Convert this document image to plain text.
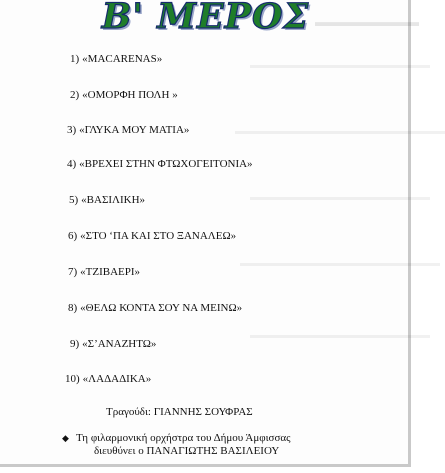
▬▬▬▬▬▬▬▬
▬▬▬▬▬▬▬▬▬▬▬▬▬▬▬▬▬▬
▬▬▬▬▬▬▬▬▬▬▬▬▬▬▬▬▬▬▬▬▬
▬▬▬▬▬▬▬▬▬▬▬▬▬▬▬▬▬▬
▬▬▬▬▬▬▬▬▬▬▬▬▬▬▬▬▬▬▬▬
▬▬▬▬▬▬▬▬▬▬▬▬▬▬▬▬▬▬
Β' ΜΕΡΟΣ
1) «MACARENAS»
2) «ΟΜΟΡΦΗ ΠΟΛΗ »
3) «ΓΛΥΚΑ ΜΟΥ ΜΑΤΙΑ»
4) «ΒΡΕΧΕΙ ΣΤΗΝ ΦΤΩΧΟΓΕΙΤΟΝΙΑ»
5) «ΒΑΣΙΛΙΚΗ»
6) «ΣΤΟ ‘ΠΑ ΚΑΙ ΣΤΟ ΞΑΝΑΛΕΩ»
7) «ΤΖΙΒΑΕΡΙ»
8) «ΘΕΛΩ ΚΟΝΤΑ ΣΟΥ ΝΑ ΜΕΙΝΩ»
9) «Σ’ΑΝΑΖΗΤΩ»
10) «ΛΑΔΑΔΙΚΑ»
Τραγούδι: ΓΙΑΝΝΗΣ ΣΟΥΦΡΑΣ
◆ Τη φιλαρμονική ορχήστρα του Δήμου Άμφισσας
διευθύνει ο ΠΑΝΑΓΙΩΤΗΣ ΒΑΣΙΛΕΙΟΥ
